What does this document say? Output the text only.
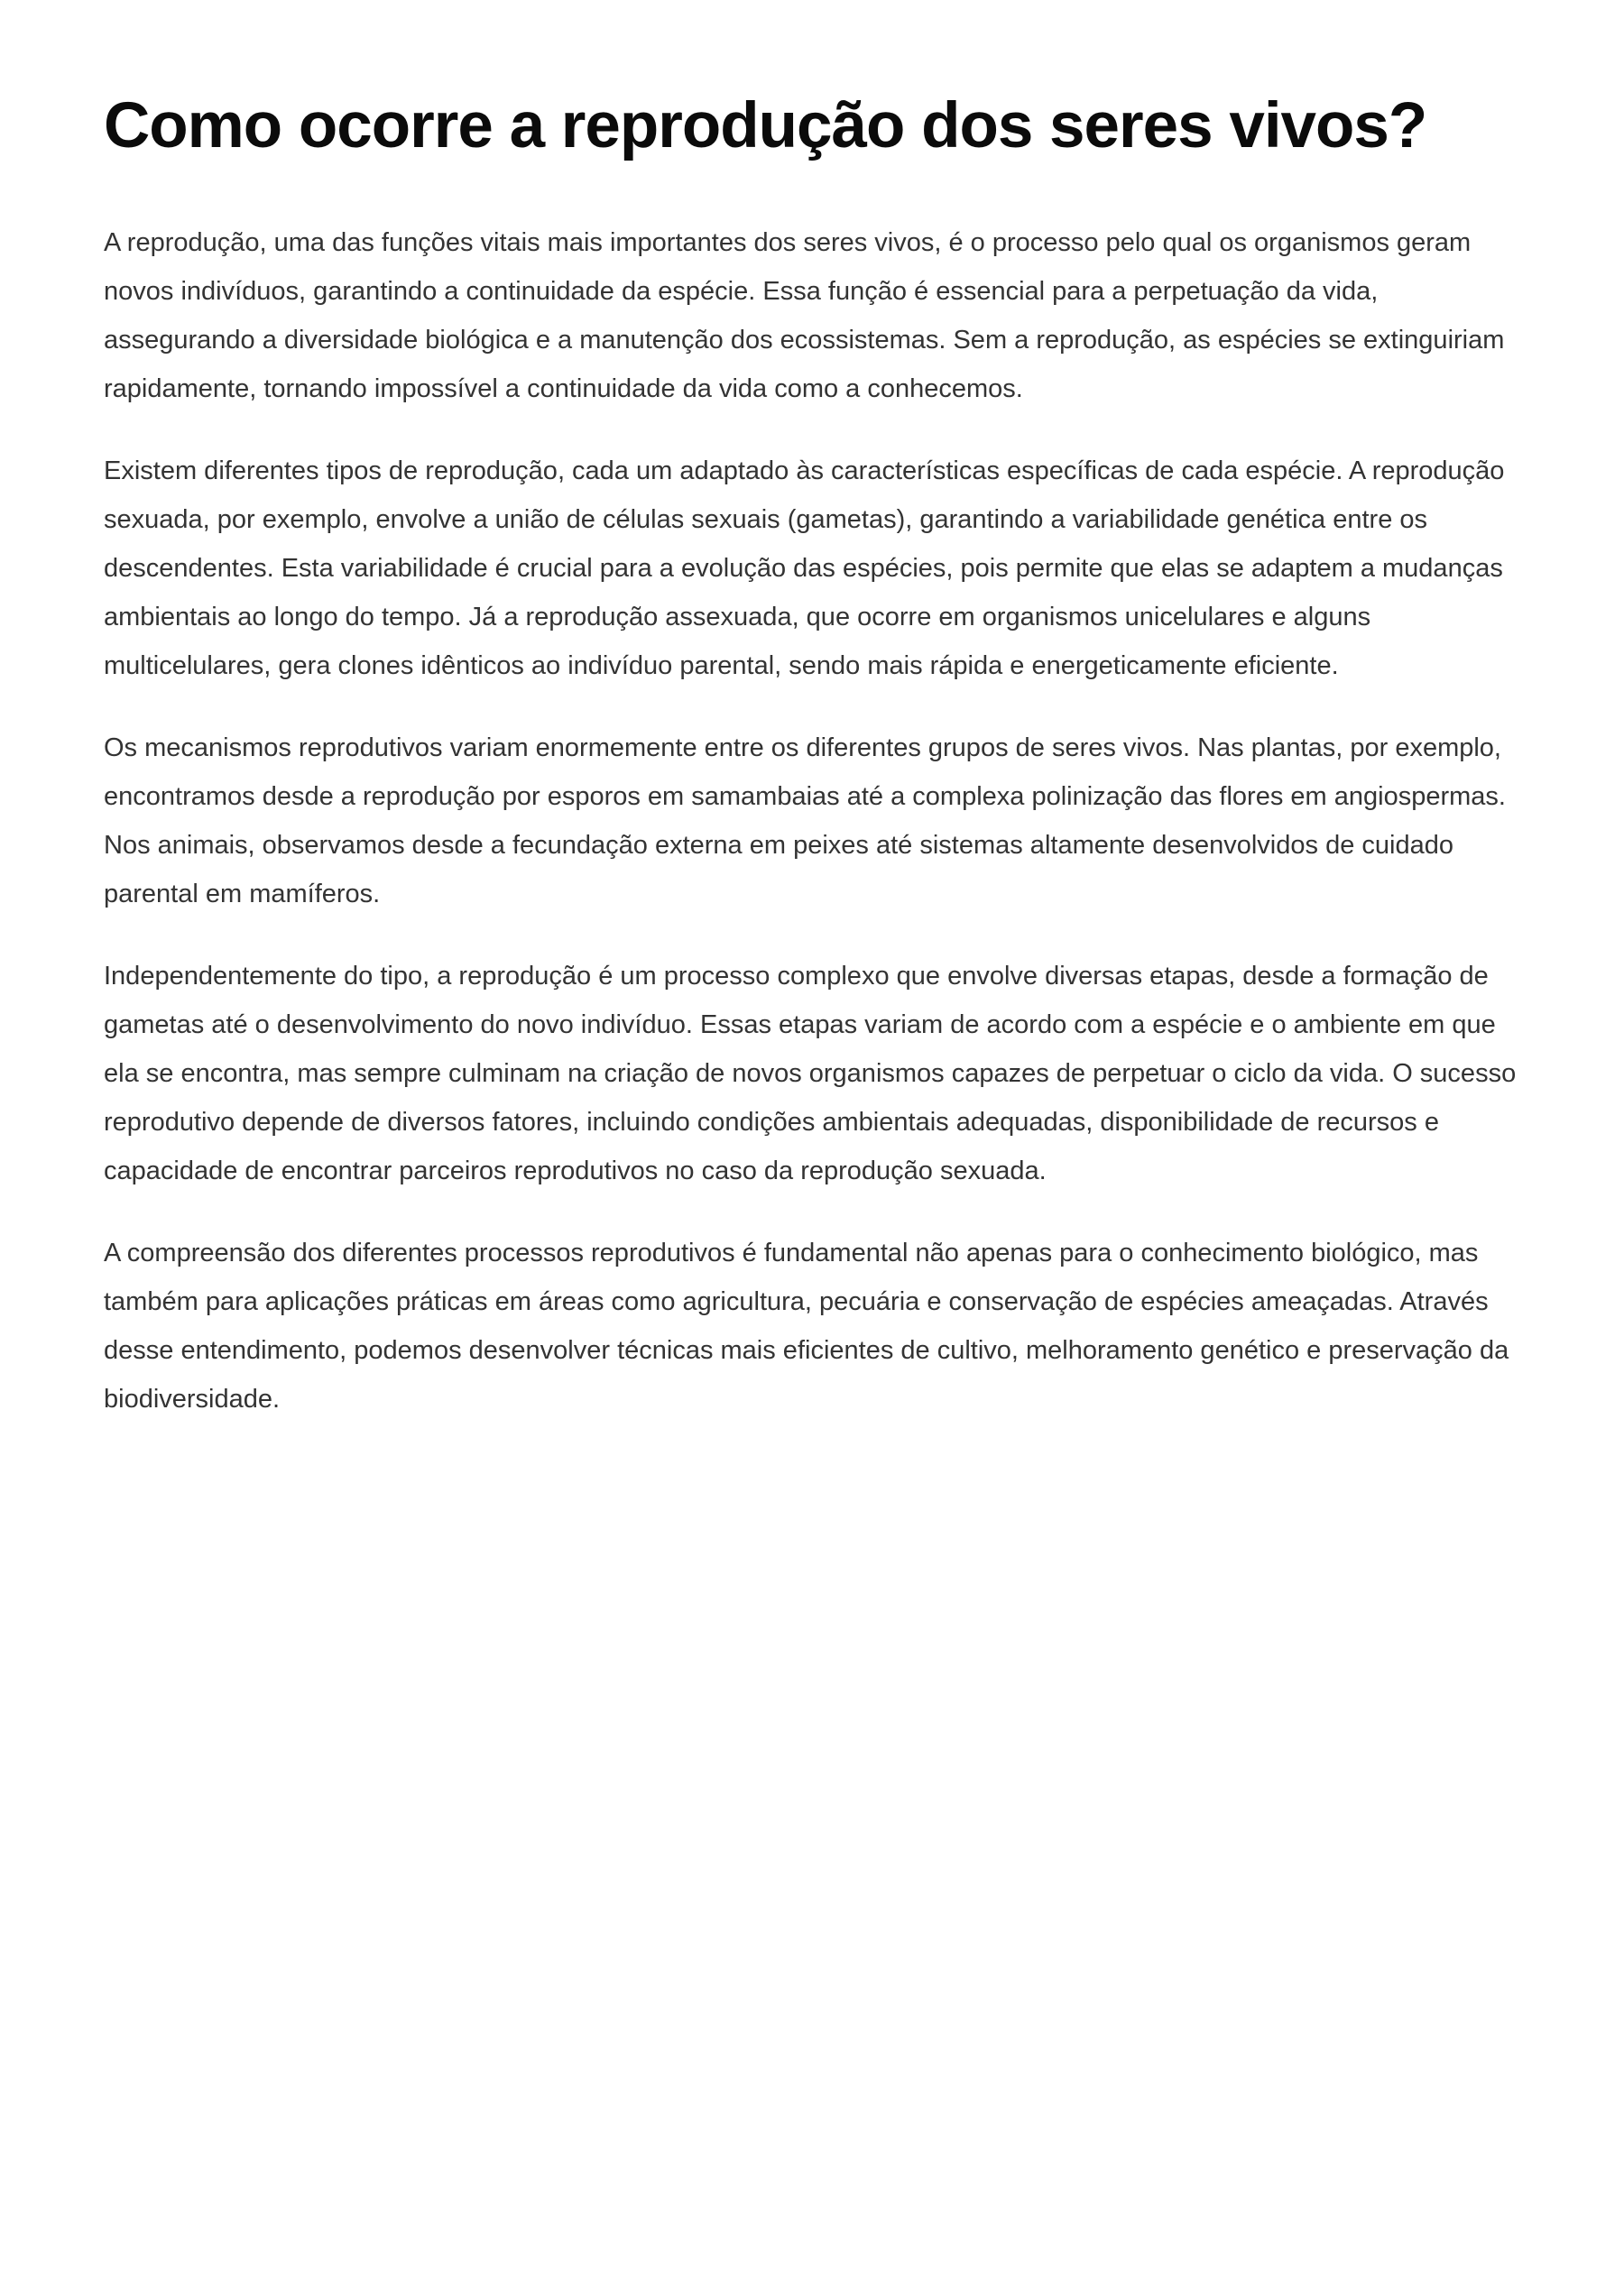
Como ocorre a reprodução dos seres vivos?

A reprodução, uma das funções vitais mais importantes dos seres vivos, é o processo pelo qual os organismos geram novos indivíduos, garantindo a continuidade da espécie. Essa função é essencial para a perpetuação da vida, assegurando a diversidade biológica e a manutenção dos ecossistemas. Sem a reprodução, as espécies se extinguiriam rapidamente, tornando impossível a continuidade da vida como a conhecemos.

Existem diferentes tipos de reprodução, cada um adaptado às características específicas de cada espécie. A reprodução sexuada, por exemplo, envolve a união de células sexuais (gametas), garantindo a variabilidade genética entre os descendentes. Esta variabilidade é crucial para a evolução das espécies, pois permite que elas se adaptem a mudanças ambientais ao longo do tempo. Já a reprodução assexuada, que ocorre em organismos unicelulares e alguns multicelulares, gera clones idênticos ao indivíduo parental, sendo mais rápida e energeticamente eficiente.

Os mecanismos reprodutivos variam enormemente entre os diferentes grupos de seres vivos. Nas plantas, por exemplo, encontramos desde a reprodução por esporos em samambaias até a complexa polinização das flores em angiospermas. Nos animais, observamos desde a fecundação externa em peixes até sistemas altamente desenvolvidos de cuidado parental em mamíferos.

Independentemente do tipo, a reprodução é um processo complexo que envolve diversas etapas, desde a formação de gametas até o desenvolvimento do novo indivíduo. Essas etapas variam de acordo com a espécie e o ambiente em que ela se encontra, mas sempre culminam na criação de novos organismos capazes de perpetuar o ciclo da vida. O sucesso reprodutivo depende de diversos fatores, incluindo condições ambientais adequadas, disponibilidade de recursos e capacidade de encontrar parceiros reprodutivos no caso da reprodução sexuada.

A compreensão dos diferentes processos reprodutivos é fundamental não apenas para o conhecimento biológico, mas também para aplicações práticas em áreas como agricultura, pecuária e conservação de espécies ameaçadas. Através desse entendimento, podemos desenvolver técnicas mais eficientes de cultivo, melhoramento genético e preservação da biodiversidade.
